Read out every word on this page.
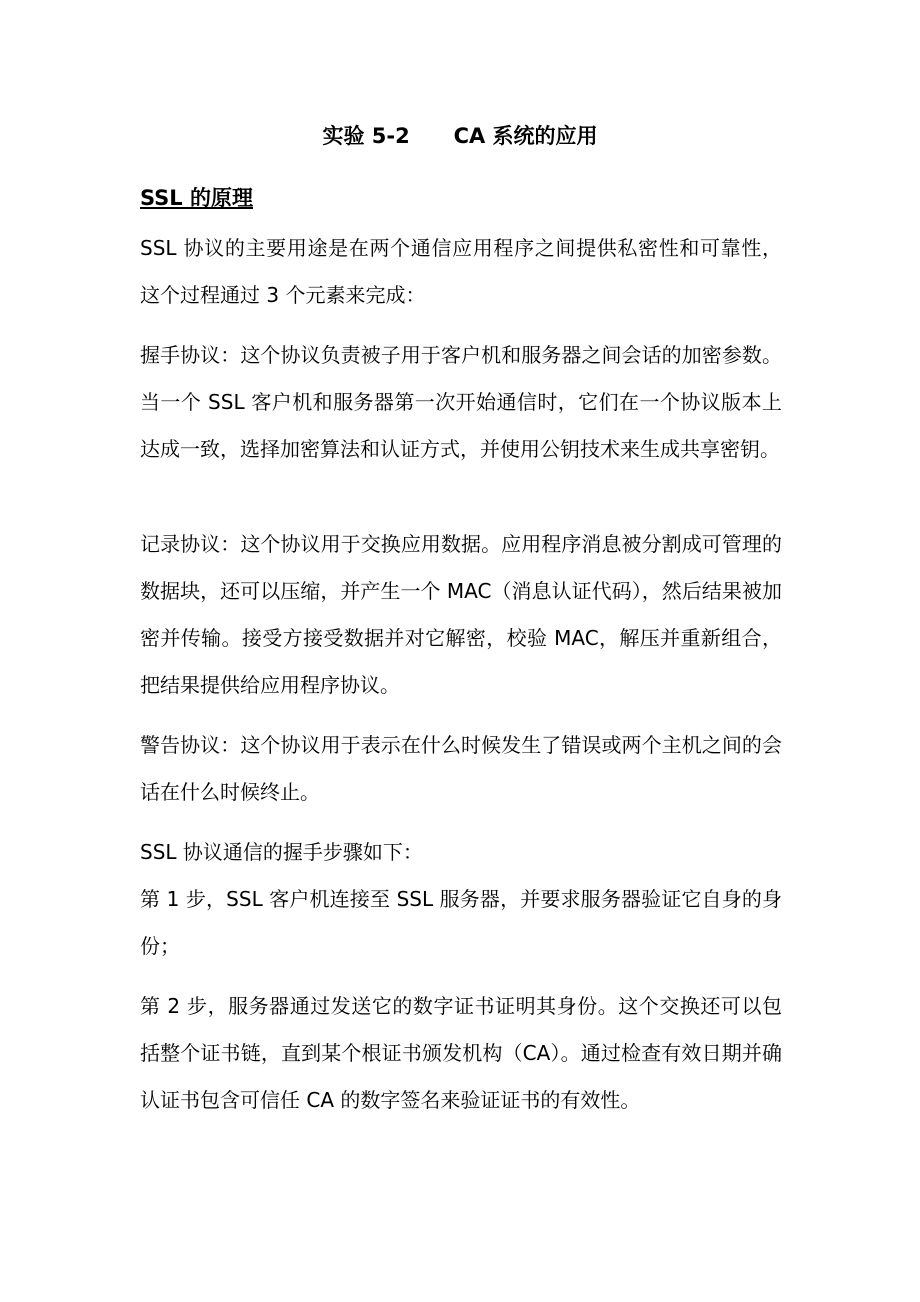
实验 5-2      CA 系统的应用
SSL 的原理

SSL 协议的主要用途是在两个通信应用程序之间提供私密性和可靠性，这个过程通过 3 个元素来完成：

握手协议：这个协议负责被子用于客户机和服务器之间会话的加密参数。当一个 SSL 客户机和服务器第一次开始通信时，它们在一个协议版本上达成一致，选择加密算法和认证方式，并使用公钥技术来生成共享密钥。

记录协议：这个协议用于交换应用数据。应用程序消息被分割成可管理的数据块，还可以压缩，并产生一个 MAC（消息认证代码），然后结果被加密并传输。接受方接受数据并对它解密，校验 MAC，解压并重新组合，把结果提供给应用程序协议。

警告协议：这个协议用于表示在什么时候发生了错误或两个主机之间的会话在什么时候终止。

SSL 协议通信的握手步骤如下：

第 1 步，SSL 客户机连接至 SSL 服务器，并要求服务器验证它自身的身份；

第 2 步，服务器通过发送它的数字证书证明其身份。这个交换还可以包括整个证书链，直到某个根证书颁发机构（CA）。通过检查有效日期并确认证书包含可信任 CA 的数字签名来验证证书的有效性。
